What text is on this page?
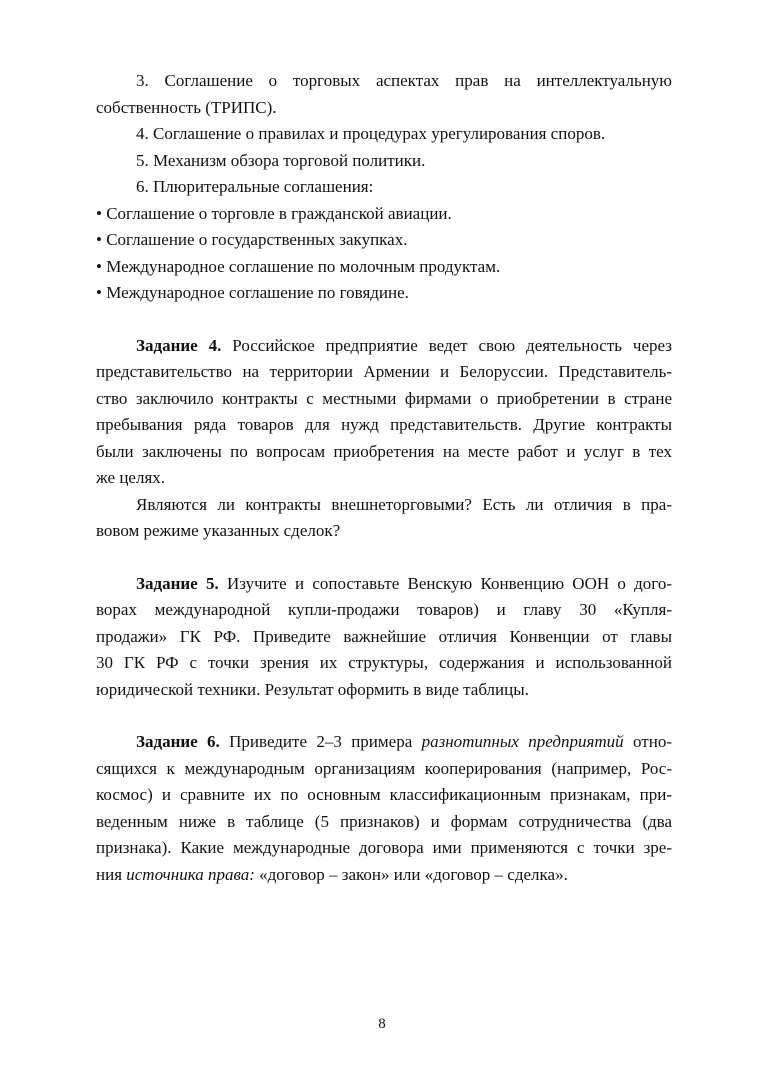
3. Соглашение о торговых аспектах прав на интеллектуальную
собственность (ТРИПС).
4. Соглашение о правилах и процедурах урегулирования споров.
5. Механизм обзора торговой политики.
6. Плюритеральные соглашения:
• Соглашение о торговле в гражданской авиации.
• Соглашение о государственных закупках.
• Международное соглашение по молочным продуктам.
• Международное соглашение по говядине.
Задание 4. Российское предприятие ведет свою деятельность через
представительство на территории Армении и Белоруссии. Представитель-
ство заключило контракты с местными фирмами о приобретении в стране
пребывания ряда товаров для нужд представительств. Другие контракты
были заключены по вопросам приобретения на месте работ и услуг в тех
же целях.
Являются ли контракты внешнеторговыми? Есть ли отличия в пра-
вовом режиме указанных сделок?
Задание 5. Изучите и сопоставьте Венскую Конвенцию ООН о дого-
ворах международной купли-продажи товаров) и главу 30 «Купля-
продажи» ГК РФ. Приведите важнейшие отличия Конвенции от главы
30 ГК РФ с точки зрения их структуры, содержания и использованной
юридической техники. Результат оформить в виде таблицы.
Задание 6. Приведите 2–3 примера разнотипных предприятий отно-
сящихся к международным организациям кооперирования (например, Рос-
космос) и сравните их по основным классификационным признакам, при-
веденным ниже в таблице (5 признаков) и формам сотрудничества (два
признака). Какие международные договора ими применяются с точки зре-
ния источника права: «договор – закон» или «договор – сделка».
8
